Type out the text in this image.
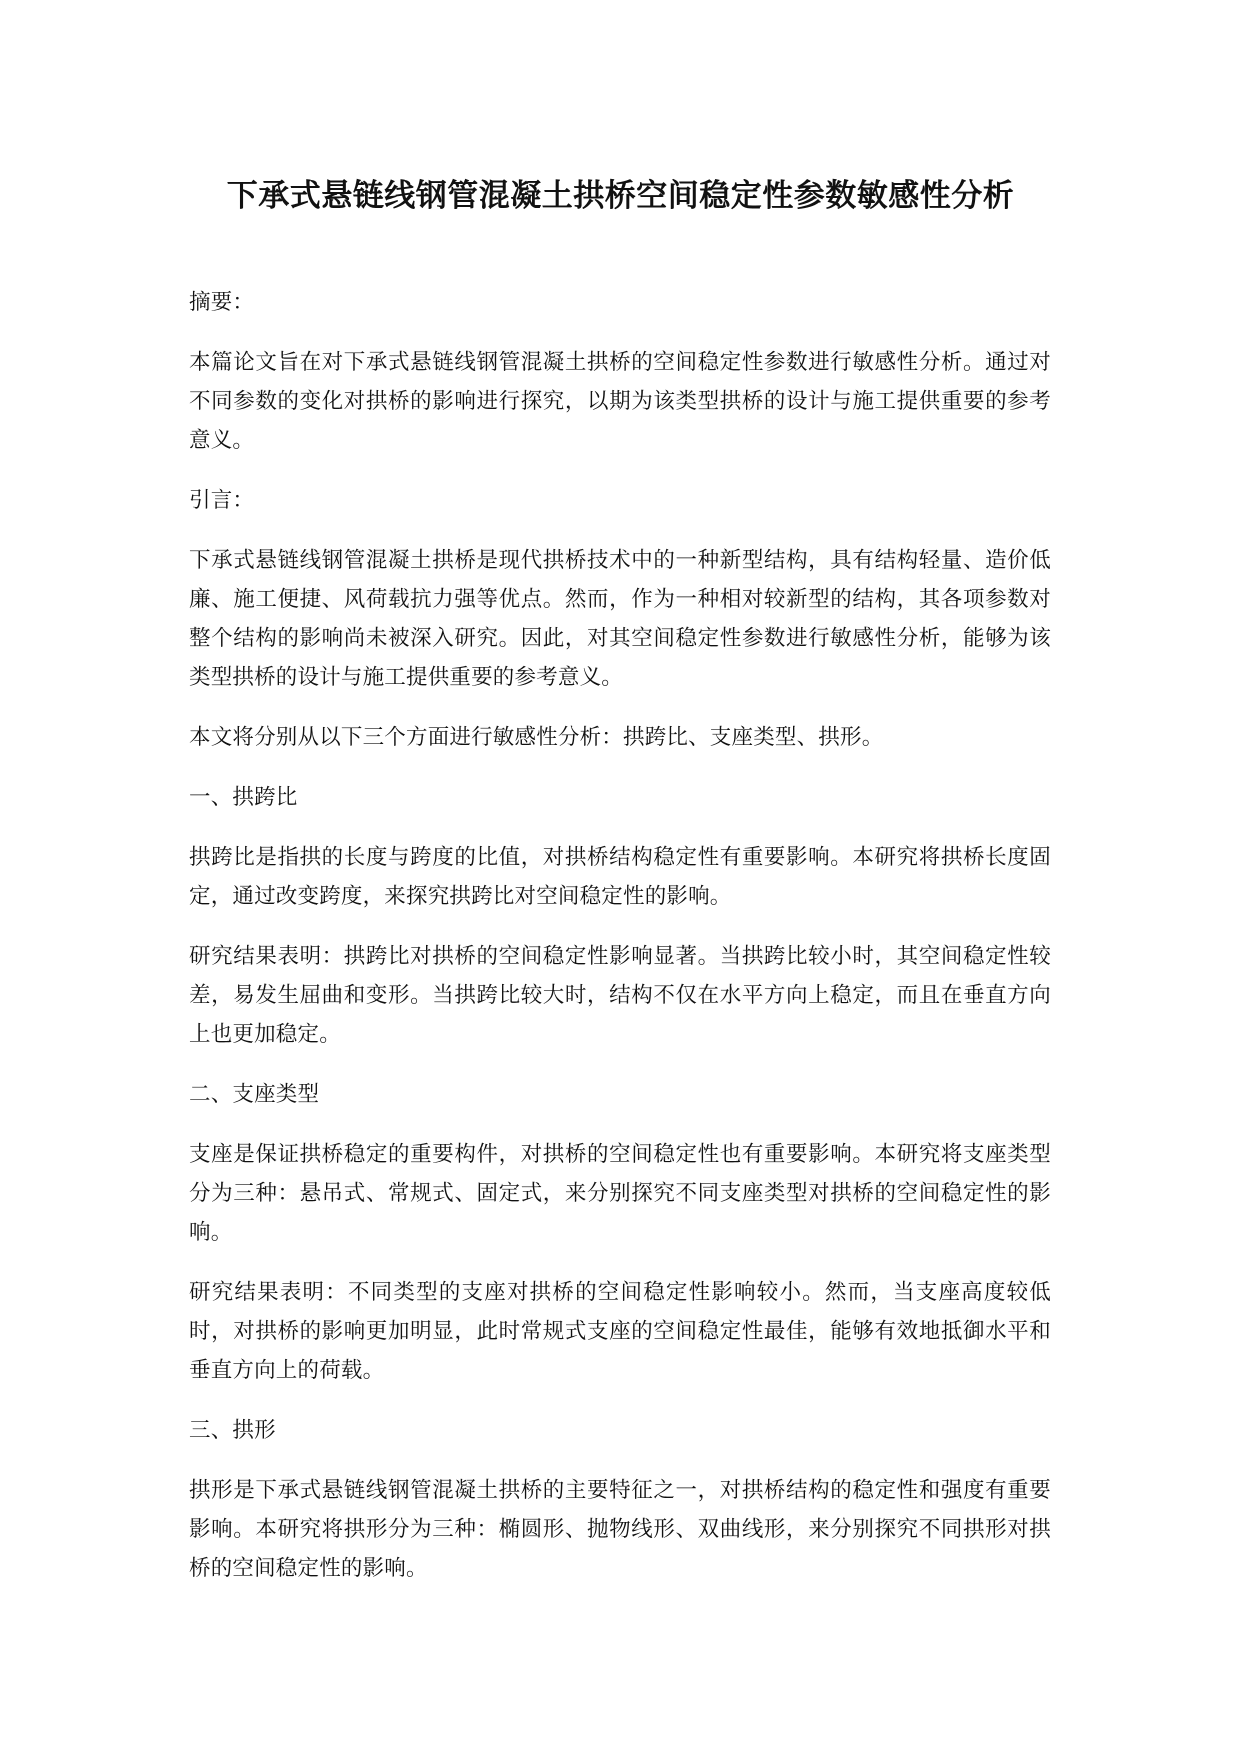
下承式悬链线钢管混凝土拱桥空间稳定性参数敏感性分析

摘要：

本篇论文旨在对下承式悬链线钢管混凝土拱桥的空间稳定性参数进行敏感性分析。通过对不同参数的变化对拱桥的影响进行探究，以期为该类型拱桥的设计与施工提供重要的参考意义。

引言：

下承式悬链线钢管混凝土拱桥是现代拱桥技术中的一种新型结构，具有结构轻量、造价低廉、施工便捷、风荷载抗力强等优点。然而，作为一种相对较新型的结构，其各项参数对整个结构的影响尚未被深入研究。因此，对其空间稳定性参数进行敏感性分析，能够为该类型拱桥的设计与施工提供重要的参考意义。

本文将分别从以下三个方面进行敏感性分析：拱跨比、支座类型、拱形。

一、拱跨比

拱跨比是指拱的长度与跨度的比值，对拱桥结构稳定性有重要影响。本研究将拱桥长度固定，通过改变跨度，来探究拱跨比对空间稳定性的影响。

研究结果表明：拱跨比对拱桥的空间稳定性影响显著。当拱跨比较小时，其空间稳定性较差，易发生屈曲和变形。当拱跨比较大时，结构不仅在水平方向上稳定，而且在垂直方向上也更加稳定。

二、支座类型

支座是保证拱桥稳定的重要构件，对拱桥的空间稳定性也有重要影响。本研究将支座类型分为三种：悬吊式、常规式、固定式，来分别探究不同支座类型对拱桥的空间稳定性的影响。

研究结果表明：不同类型的支座对拱桥的空间稳定性影响较小。然而，当支座高度较低时，对拱桥的影响更加明显，此时常规式支座的空间稳定性最佳，能够有效地抵御水平和垂直方向上的荷载。

三、拱形

拱形是下承式悬链线钢管混凝土拱桥的主要特征之一，对拱桥结构的稳定性和强度有重要影响。本研究将拱形分为三种：椭圆形、抛物线形、双曲线形，来分别探究不同拱形对拱桥的空间稳定性的影响。
